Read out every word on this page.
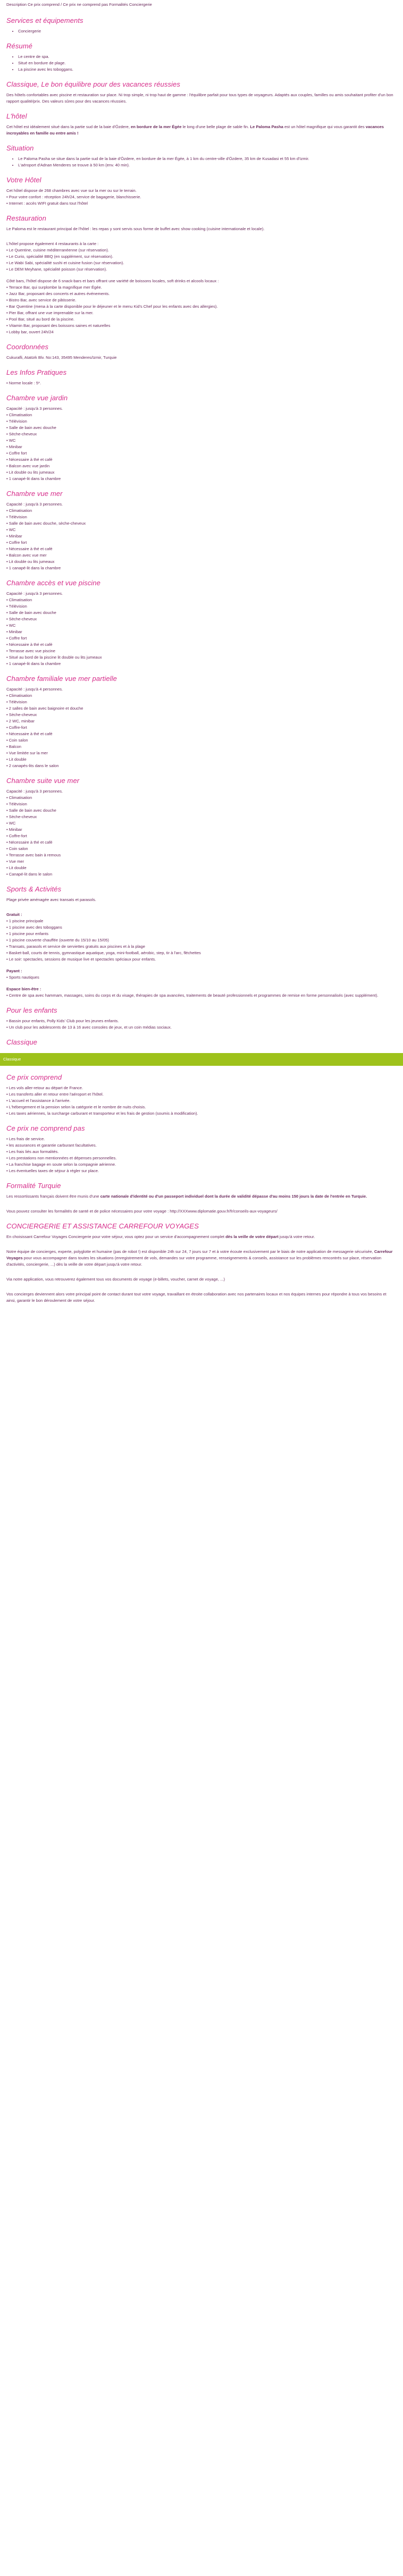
Description Ce prix comprend / Ce prix ne comprend pas Formalités Conciergerie
Services et équipements
• Conciergerie
Résumé
• Le centre de spa.
• Situé en bordure de plage.
• La piscine avec les toboggans.
Classique, Le bon équilibre pour des vacances réussies

Des hôtels confortables avec piscine et restauration sur place. Ni trop simple, ni trop haut de gamme : l'équilibre parfait pour tous types de voyageurs. Adaptés aux couples, familles ou amis souhaitant profiter d'un bon rapport qualité/prix. Des valeurs sûres pour des vacances réussies.

L'hôtel

Cet hôtel est idéalement situé dans la partie sud de la baie d'Özdere, en bordure de la mer Égée le long d'une belle plage de sable fin. Le Paloma Pasha est un hôtel magnifique qui vous garantit des vacances incroyables en famille ou entre amis !

Situation
• Le Paloma Pasha se situe dans la partie sud de la baie d'Özdere, en bordure de la mer Égée, à 1 km du centre-ville d'Özdere, 35 km de Kusadasi et 55 km d'Izmir.
• L'aéroport d'Adnan Menderes se trouve à 50 km (env. 40 min).
Votre Hôtel
Cet hôtel dispose de 268 chambres avec vue sur la mer ou sur le terrain.
• Pour votre confort : réception 24h/24, service de bagagerie, blanchisserie.
• Internet : accès WIFI gratuit dans tout l'hôtel
Restauration

Le Paloma est le restaurant principal de l'hôtel : les repas y sont servis sous forme de buffet avec show cooking (cuisine internationale et locale).

L'hôtel propose également 4 restaurants à la carte :
• Le Quentine, cuisine méditerranéenne (sur réservation).
• Le Curio, spécialité BBQ (en supplément, sur réservation).
• Le Wabi Sabi, spécialité sushi et cuisine fusion (sur réservation).
• Le DEM Meyhane, spécialité poisson (sur réservation).
Côté bars, l'hôtel dispose de 6 snack-bars et bars offrant une variété de boissons locales, soft drinks et alcools locaux :
• Terrace Bar, qui surplombe la magnifique mer Égée.
• Jazz Bar, proposant des concerts et autres événements.
• Bistro Bar, avec service de pâtisserie.
• Bar Quentine (mena à la carte disponible pour le déjeuner et le menu Kid's Chef pour les enfants avec des allergies).
• Pier Bar, offrant une vue imprenable sur la mer.
• Pool Bar, situé au bord de la piscine.
• Vitamin Bar, proposant des boissons saines et naturelles
• Lobby bar, ouvert 24h/24
Coordonnées

Cukurafli, Atatürk Blv. No:143, 35495 Menderes/Izmir, Turquie

Les Infos Pratiques

• Norme locale : 5*.

Chambre vue jardin
Capacité : jusqu'à 3 personnes.
• Climatisation
• Télévision
• Salle de bain avec douche
• Sèche-cheveux
• WC
• Minibar
• Coffre fort
• Nécessaire à thé et café
• Balcon avec vue jardin
• Lit double ou lits jumeaux
• 1 canapé-lit dans la chambre
Chambre vue mer
Capacité : jusqu'à 3 personnes.
• Climatisation
• Télévision
• Salle de bain avec douche, sèche-cheveux
• WC
• Minibar
• Coffre fort
• Nécessaire à thé et café
• Balcon avec vue mer
• Lit double ou lits jumeaux
• 1 canapé-lit dans la chambre
Chambre accès et vue piscine
Capacité : jusqu'à 3 personnes.
• Climatisation
• Télévision
• Salle de bain avec douche
• Sèche-cheveux
• WC
• Minibar
• Coffre fort
• Nécessaire à thé et café
• Terrasse avec vue piscine
• Situé au bord de la piscine lit double ou lits jumeaux
• 1 canapé-lit dans la chambre
Chambre familiale vue mer partielle
Capacité : jusqu'à 4 personnes.
• Climatisation
• Télévision
• 2 salles de bain avec baignoire et douche
• Sèche-cheveux
• 2 WC, minibar
• Coffre-fort
• Nécessaire à thé et café
• Coin salon
• Balcon
• Vue limitée sur la mer
• Lit double
• 2 canapés-lits dans le salon
Chambre suite vue mer
Capacité : jusqu'à 3 personnes.
• Climatisation
• Télévision
• Salle de bain avec douche
• Sèche-cheveux
• WC
• Minibar
• Coffre-fort
• Nécessaire à thé et café
• Coin salon
• Terrasse avec bain à remous
• Vue mer
• Lit double
• Canapé-lit dans le salon
Sports & Activités

Plage privée aménagée avec transats et parasols.

Gratuit :
• 1 piscine principale
• 1 piscine avec des toboggans
• 1 piscine pour enfants
• 1 piscine couverte chauffée (ouverte du 15/10 au 15/05)
• Transats, parasols et service de serviettes gratuits aux piscines et à la plage
• Basket-ball, courts de tennis, gymnastique aquatique, yoga, mini-football, aérobic, step, tir à l'arc, fléchettes
• Le soir: spectacles, sessions de musique live et spectacles spéciaux pour enfants.
Payant :
• Sports nautiques
Espace bien-être :
• Centre de spa avec hammam, massages, soins du corps et du visage, thérapies de spa avancées, traitements de beauté professionnels et programmes de remise en forme personnalisés (avec supplément).
Pour les enfants
• Bassin pour enfants, Polly Kids' Club pour les jeunes enfants.
• Un club pour les adolescents de 13 à 16 avec consoles de jeux, et un coin médias sociaux.
Classique
Classique
Ce prix comprend
• Les vols aller-retour au départ de France.
• Les transferts aller et retour entre l'aéroport et l'hôtel.
• L'accueil et l'assistance à l'arrivée.
• L'hébergement et la pension selon la catégorie et le nombre de nuits choisis.
• Les taxes aériennes, la surcharge carburant et transporteur et les frais de gestion (soumis à modification).
Ce prix ne comprend pas
• Les frais de service.
• les assurances et garantie carburant facultatives.
• Les frais liés aux formalités.
• Les prestations non mentionnées et dépenses personnelles.
• La franchise bagage en soute selon la compagnie aérienne.
• Les éventuelles taxes de séjour à régler sur place.
Formalité Turquie

Les ressortissants français doivent être munis d'une carte nationale d'identité ou d'un passeport individuel dont la durée de validité dépasse d'au moins 150 jours la date de l'entrée en Turquie.

Vous pouvez consulter les formalités de santé et de police nécessaires pour votre voyage : http://XXXwww.diplomatie.gouv.fr/fr/conseils-aux-voyageurs/

CONCIERGERIE ET ASSISTANCE CARREFOUR VOYAGES

En choisissant Carrefour Voyages Conciergerie pour votre séjour, vous optez pour un service d'accompagnement complet dès la veille de votre départ jusqu'à votre retour.

Notre équipe de concierges, experte, polyglotte et humaine (pas de robot !) est disponible 24h sur 24, 7 jours sur 7 et à votre écoute exclusivement par le biais de notre application de messagerie sécurisée, Carrefour Voyages pour vous accompagner dans toutes les situations (enregistrement de vols, demandes sur votre programme, renseignements & conseils, assistance sur les problèmes rencontrés sur place, réservation d'activités, conciergerie, ...) dès la veille de votre départ jusqu'à votre retour.

Via notre application, vous retrouverez également tous vos documents de voyage (e-billets, voucher, carnet de voyage, ...)

Vos concierges deviennent alors votre principal point de contact durant tout votre voyage, travaillant en étroite collaboration avec nos partenaires locaux et nos équipes internes pour répondre à tous vos besoins et ainsi, garantir le bon déroulement de votre séjour.
